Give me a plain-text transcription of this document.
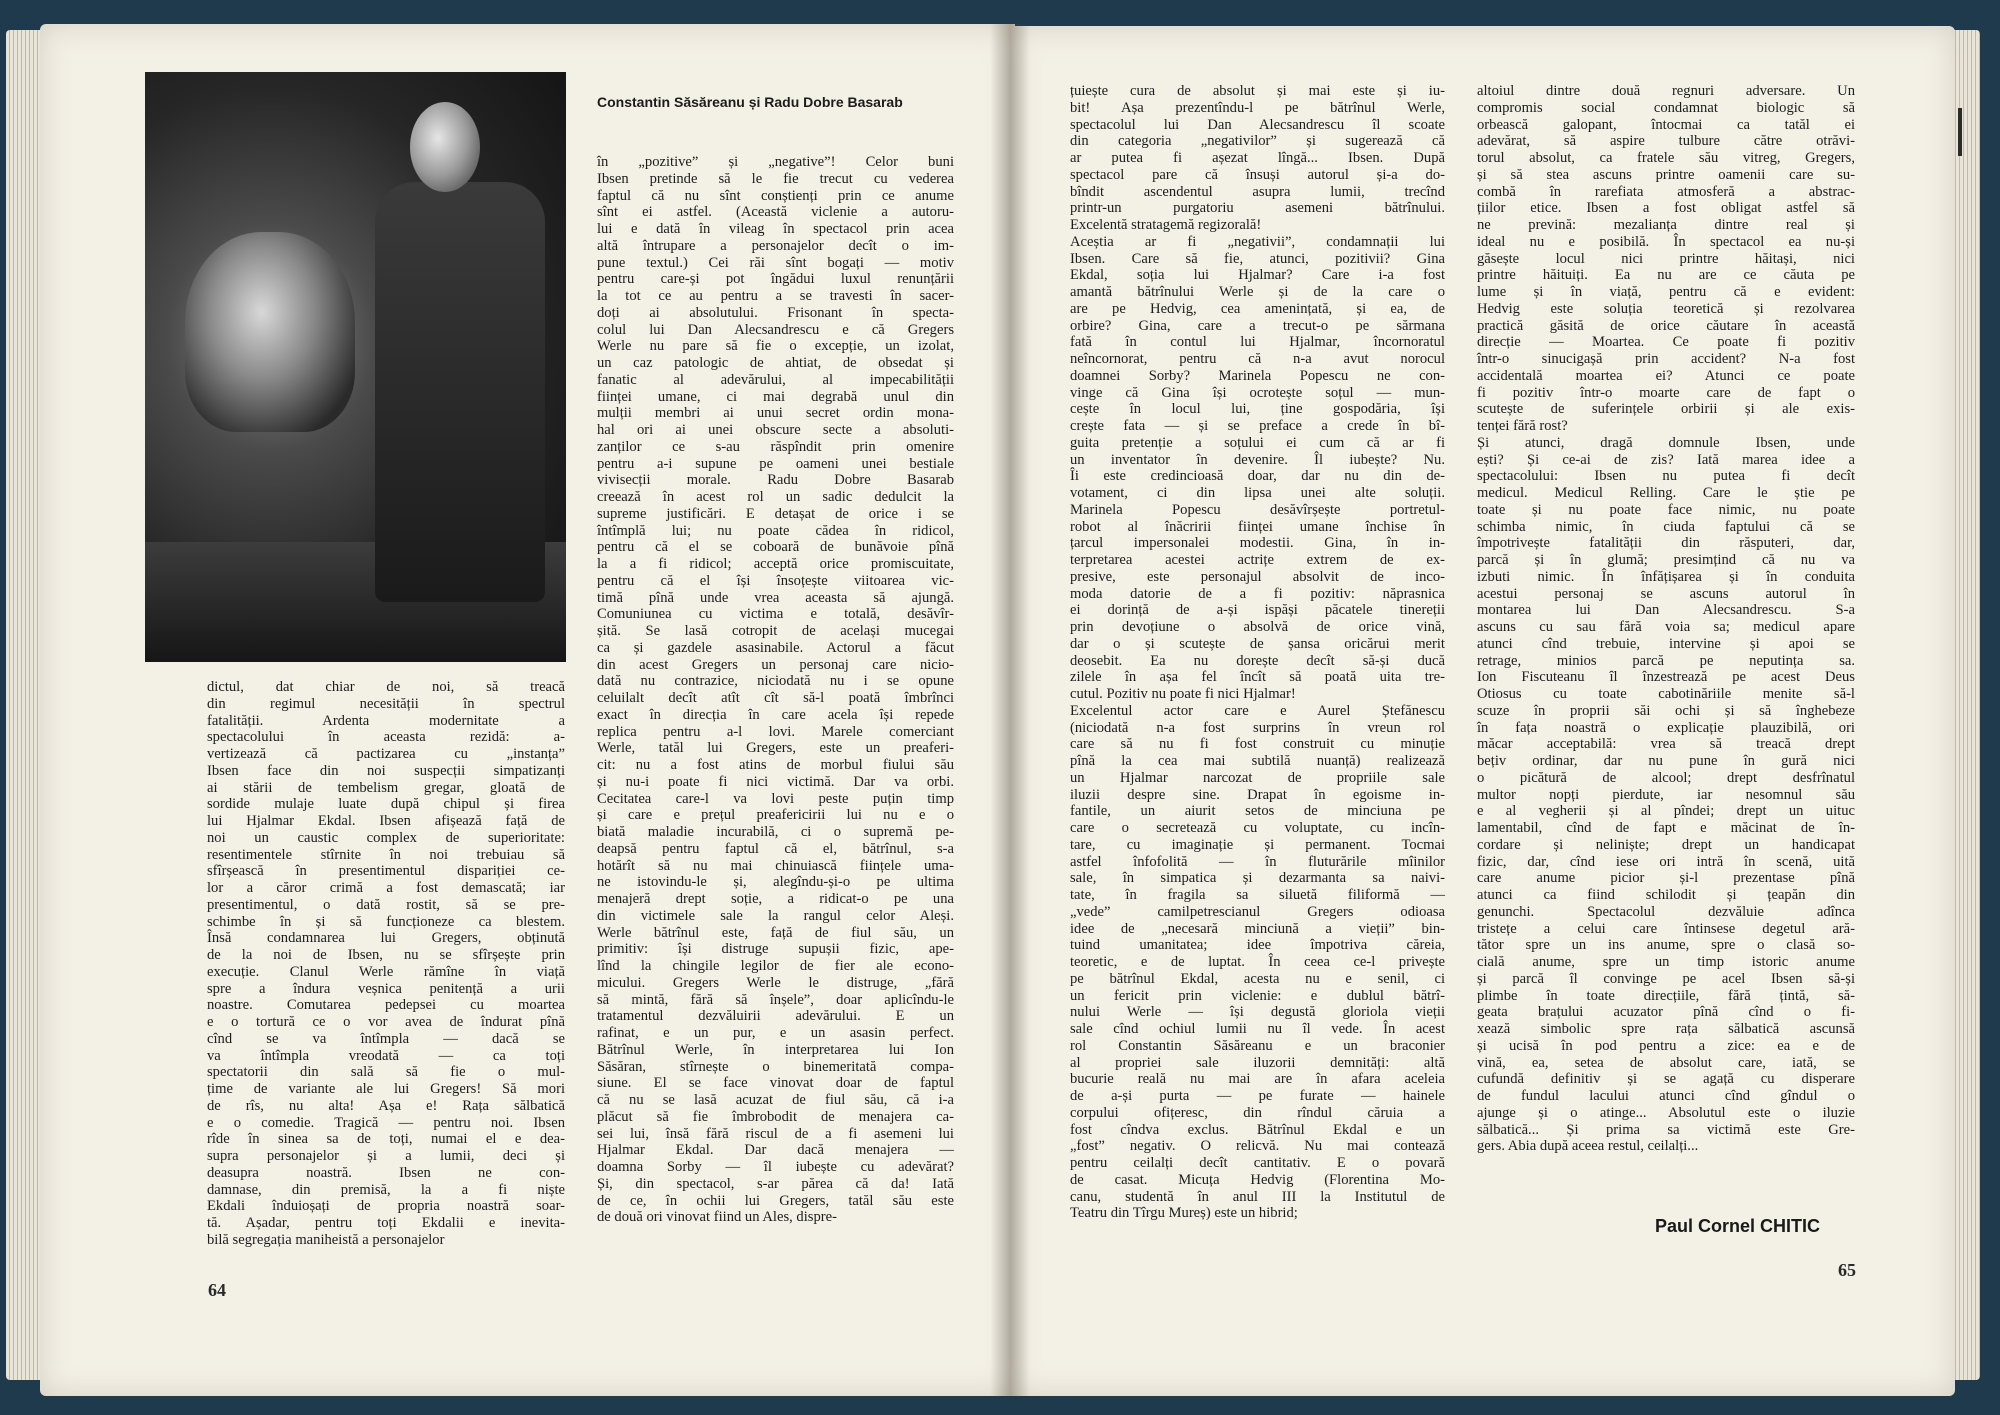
Constantin Săsăreanu și Radu Dobre Basarab

dictul, dat chiar de noi, să treacă

din regimul necesității în spectrul

fatalității. Ardenta modernitate a

spectacolului în aceasta rezidă: a-

vertizează că pactizarea cu „instanța”

Ibsen face din noi suspecții simpatizanți

ai stării de tembelism gregar, gloată de

sordide mulaje luate după chipul și firea

lui Hjalmar Ekdal. Ibsen afișează față de

noi un caustic complex de superioritate:

resentimentele stîrnite în noi trebuiau să

sfîrșească în presentimentul dispariției ce-

lor a căror crimă a fost demascată; iar

presentimentul, o dată rostit, să se pre-

schimbe în și să funcționeze ca blestem.

Însă condamnarea lui Gregers, obținută

de la noi de Ibsen, nu se sfîrșește prin

execuție. Clanul Werle rămîne în viață

spre a îndura veșnica penitență a urii

noastre. Comutarea pedepsei cu moartea

e o tortură ce o vor avea de îndurat pînă

cînd se va întîmpla — dacă se

va întîmpla vreodată — ca toți

spectatorii din sală să fie o mul-

țime de variante ale lui Gregers! Să mori

de rîs, nu alta! Așa e! Rața sălbatică

e o comedie. Tragică — pentru noi. Ibsen

rîde în sinea sa de toți, numai el e dea-

supra personajelor și a lumii, deci și

deasupra noastră. Ibsen ne con-

damnase, din premisă, la a fi niște

Ekdali înduioșați de propria noastră soar-

tă. Așadar, pentru toți Ekdalii e inevita-

bilă segregația maniheistă a personajelor

în „pozitive” și „negative”! Celor buni

Ibsen pretinde să le fie trecut cu vederea

faptul că nu sînt conștienți prin ce anume

sînt ei astfel. (Această viclenie a autoru-

lui e dată în vileag în spectacol prin acea

altă întrupare a personajelor decît o im-

pune textul.) Cei răi sînt bogați — motiv

pentru care-și pot îngădui luxul renunțării

la tot ce au pentru a se travesti în sacer-

doți ai absolutului. Frisonant în specta-

colul lui Dan Alecsandrescu e că Gregers

Werle nu pare să fie o excepție, un izolat,

un caz patologic de ahtiat, de obsedat și

fanatic al adevărului, al impecabilității

ființei umane, ci mai degrabă unul din

mulții membri ai unui secret ordin mona-

hal ori ai unei obscure secte a absoluti-

zanților ce s-au răspîndit prin omenire

pentru a-i supune pe oameni unei bestiale

vivisecții morale. Radu Dobre Basarab

creează în acest rol un sadic dedulcit la

supreme justificări. E detașat de orice i se

întîmplă lui; nu poate cădea în ridicol,

pentru că el se coboară de bunăvoie pînă

la a fi ridicol; acceptă orice promiscuitate,

pentru că el își însoțește viitoarea vic-

timă pînă unde vrea aceasta să ajungă.

Comuniunea cu victima e totală, desăvîr-

șită. Se lasă cotropit de același mucegai

ca și gazdele asasinabile. Actorul a făcut

din acest Gregers un personaj care nicio-

dată nu contrazice, niciodată nu i se opune

celuilalt decît atît cît să-l poată îmbrînci

exact în direcția în care acela își repede

replica pentru a-l lovi. Marele comerciant

Werle, tatăl lui Gregers, este un preaferi-

cit: nu a fost atins de morbul fiului său

și nu-i poate fi nici victimă. Dar va orbi.

Cecitatea care-l va lovi peste puțin timp

și care e prețul preafericirii lui nu e o

biată maladie incurabilă, ci o supremă pe-

deapsă pentru faptul că el, bătrînul, s-a

hotărît să nu mai chinuiască ființele uma-

ne istovindu-le și, alegîndu-și-o pe ultima

menajeră drept soție, a ridicat-o pe una

din victimele sale la rangul celor Aleși.

Werle bătrînul este, față de fiul său, un

primitiv: își distruge supușii fizic, ape-

lînd la chingile legilor de fier ale econo-

micului. Gregers Werle le distruge, „fără

să mintă, fără să înșele”, doar aplicîndu-le

tratamentul dezvăluirii adevărului. E un

rafinat, e un pur, e un asasin perfect.

Bătrînul Werle, în interpretarea lui Ion

Săsăran, stîrnește o binemeritată compa-

siune. El se face vinovat doar de faptul

că nu se lasă acuzat de fiul său, că i-a

plăcut să fie îmbrobodit de menajera ca-

sei lui, însă fără riscul de a fi asemeni lui

Hjalmar Ekdal. Dar dacă menajera —

doamna Sorby — îl iubește cu adevărat?

Și, din spectacol, s-ar părea că da! Iată

de ce, în ochii lui Gregers, tatăl său este

de două ori vinovat fiind un Ales, dispre-

țuiește cura de absolut și mai este și iu-

bit! Așa prezentîndu-l pe bătrînul Werle,

spectacolul lui Dan Alecsandrescu îl scoate

din categoria „negativilor” și sugerează că

ar putea fi așezat lîngă... Ibsen. După

spectacol pare că însuși autorul și-a do-

bîndit ascendentul asupra lumii, trecînd

printr-un purgatoriu asemeni bătrînului.

Excelentă stratagemă regizorală!

Aceștia ar fi „negativii”, condamnații lui

Ibsen. Care să fie, atunci, pozitivii? Gina

Ekdal, soția lui Hjalmar? Care i-a fost

amantă bătrînului Werle și de la care o

are pe Hedvig, cea amenințată, și ea, de

orbire? Gina, care a trecut-o pe sărmana

fată în contul lui Hjalmar, încornoratul

neîncornorat, pentru că n-a avut norocul

doamnei Sorby? Marinela Popescu ne con-

vinge că Gina își ocrotește soțul — mun-

cește în locul lui, ține gospodăria, își

crește fata — și se preface a crede în bî-

guita pretenție a soțului ei cum că ar fi

un inventator în devenire. Îl iubește? Nu.

Îi este credincioasă doar, dar nu din de-

votament, ci din lipsa unei alte soluții.

Marinela Popescu desăvîrșește portretul-

robot al înăcririi ființei umane închise în

țarcul impersonalei modestii. Gina, în in-

terpretarea acestei actrițe extrem de ex-

presive, este personajul absolvit de inco-

moda datorie de a fi pozitiv: năprasnica

ei dorință de a-și ispăși păcatele tinereții

prin devoțiune o absolvă de orice vină,

dar o și scutește de șansa oricărui merit

deosebit. Ea nu dorește decît să-și ducă

zilele în așa fel încît să poată uita tre-

cutul. Pozitiv nu poate fi nici Hjalmar!

Excelentul actor care e Aurel Ștefănescu

(niciodată n-a fost surprins în vreun rol

care să nu fi fost construit cu minuție

pînă la cea mai subtilă nuanță) realizează

un Hjalmar narcozat de propriile sale

iluzii despre sine. Drapat în egoisme in-

fantile, un aiurit setos de minciuna pe

care o secretează cu voluptate, cu incîn-

tare, cu imaginație și permanent. Tocmai

astfel înfofolită — în fluturările mîinilor

sale, în simpatica și dezarmanta sa naivi-

tate, în fragila sa siluetă filiformă —

„vede” camilpetrescianul Gregers odioasa

idee de „necesară minciună a vieții” bin-

tuind umanitatea; idee împotriva căreia,

teoretic, e de luptat. În ceea ce-l privește

pe bătrînul Ekdal, acesta nu e senil, ci

un fericit prin viclenie: e dublul bătrî-

nului Werle — își degustă gloriola vieții

sale cînd ochiul lumii nu îl vede. În acest

rol Constantin Săsăreanu e un braconier

al propriei sale iluzorii demnități: altă

bucurie reală nu mai are în afara aceleia

de a-și purta — pe furate — hainele

corpului ofițeresc, din rîndul căruia a

fost cîndva exclus. Bătrînul Ekdal e un

„fost” negativ. O relicvă. Nu mai contează

pentru ceilalți decît cantitativ. E o povară

de casat. Micuța Hedvig (Florentina Mo-

canu, studentă în anul III la Institutul de

Teatru din Tîrgu Mureș) este un hibrid;

altoiul dintre două regnuri adversare. Un

compromis social condamnat biologic să

orbească galopant, întocmai ca tatăl ei

adevărat, să aspire tulbure către otrăvi-

torul absolut, ca fratele său vitreg, Gregers,

și să stea ascuns printre oamenii care su-

combă în rarefiata atmosferă a abstrac-

țiilor etice. Ibsen a fost obligat astfel să

ne prevină: mezalianța dintre real și

ideal nu e posibilă. În spectacol ea nu-și

găsește locul nici printre hăitași, nici

printre hăituiți. Ea nu are ce căuta pe

lume și în viață, pentru că e evident:

Hedvig este soluția teoretică și rezolvarea

practică găsită de orice căutare în această

direcție — Moartea. Ce poate fi pozitiv

într-o sinucigașă prin accident? N-a fost

accidentală moartea ei? Atunci ce poate

fi pozitiv într-o moarte care de fapt o

scutește de suferințele orbirii și ale exis-

tenței fără rost?

Și atunci, dragă domnule Ibsen, unde

ești? Și ce-ai de zis? Iată marea idee a

spectacolului: Ibsen nu putea fi decît

medicul. Medicul Relling. Care le știe pe

toate și nu poate face nimic, nu poate

schimba nimic, în ciuda faptului că se

împotrivește fatalității din răsputeri, dar,

parcă și în glumă; presimțind că nu va

izbuti nimic. În înfățișarea și în conduita

acestui personaj se ascuns autorul în

montarea lui Dan Alecsandrescu. S-a

ascuns cu sau fără voia sa; medicul apare

atunci cînd trebuie, intervine și apoi se

retrage, minios parcă pe neputința sa.

Ion Fiscuteanu îl înzestrează pe acest Deus

Otiosus cu toate cabotinăriile menite să-l

scuze în proprii săi ochi și să înghebeze

în fața noastră o explicație plauzibilă, ori

măcar acceptabilă: vrea să treacă drept

bețiv ordinar, dar nu pune în gură nici

o picătură de alcool; drept desfrînatul

multor nopți pierdute, iar nesomnul său

e al vegherii și al pîndei; drept un uituc

lamentabil, cînd de fapt e măcinat de în-

cordare și neliniște; drept un handicapat

fizic, dar, cînd iese ori intră în scenă, uită

care anume picior și-l prezentase pînă

atunci ca fiind schilodit și țeapăn din

genunchi. Spectacolul dezvăluie adînca

tristețe a celui care întinsese degetul ară-

tător spre un ins anume, spre o clasă so-

cială anume, spre un timp istoric anume

și parcă îl convinge pe acel Ibsen să-și

plimbe în toate direcțiile, fără țintă, să-

geata brațului acuzator pînă cînd o fi-

xează simbolic spre rața sălbatică ascunsă

și ucisă în pod pentru a zice: ea e de

vină, ea, setea de absolut care, iată, se

cufundă definitiv și se agață cu disperare

de fundul lacului atunci cînd gîndul o

ajunge și o atinge... Absolutul este o iluzie

sălbatică... Și prima sa victimă este Gre-

gers. Abia după aceea restul, ceilalți...

Paul Cornel CHITIC
64
65
